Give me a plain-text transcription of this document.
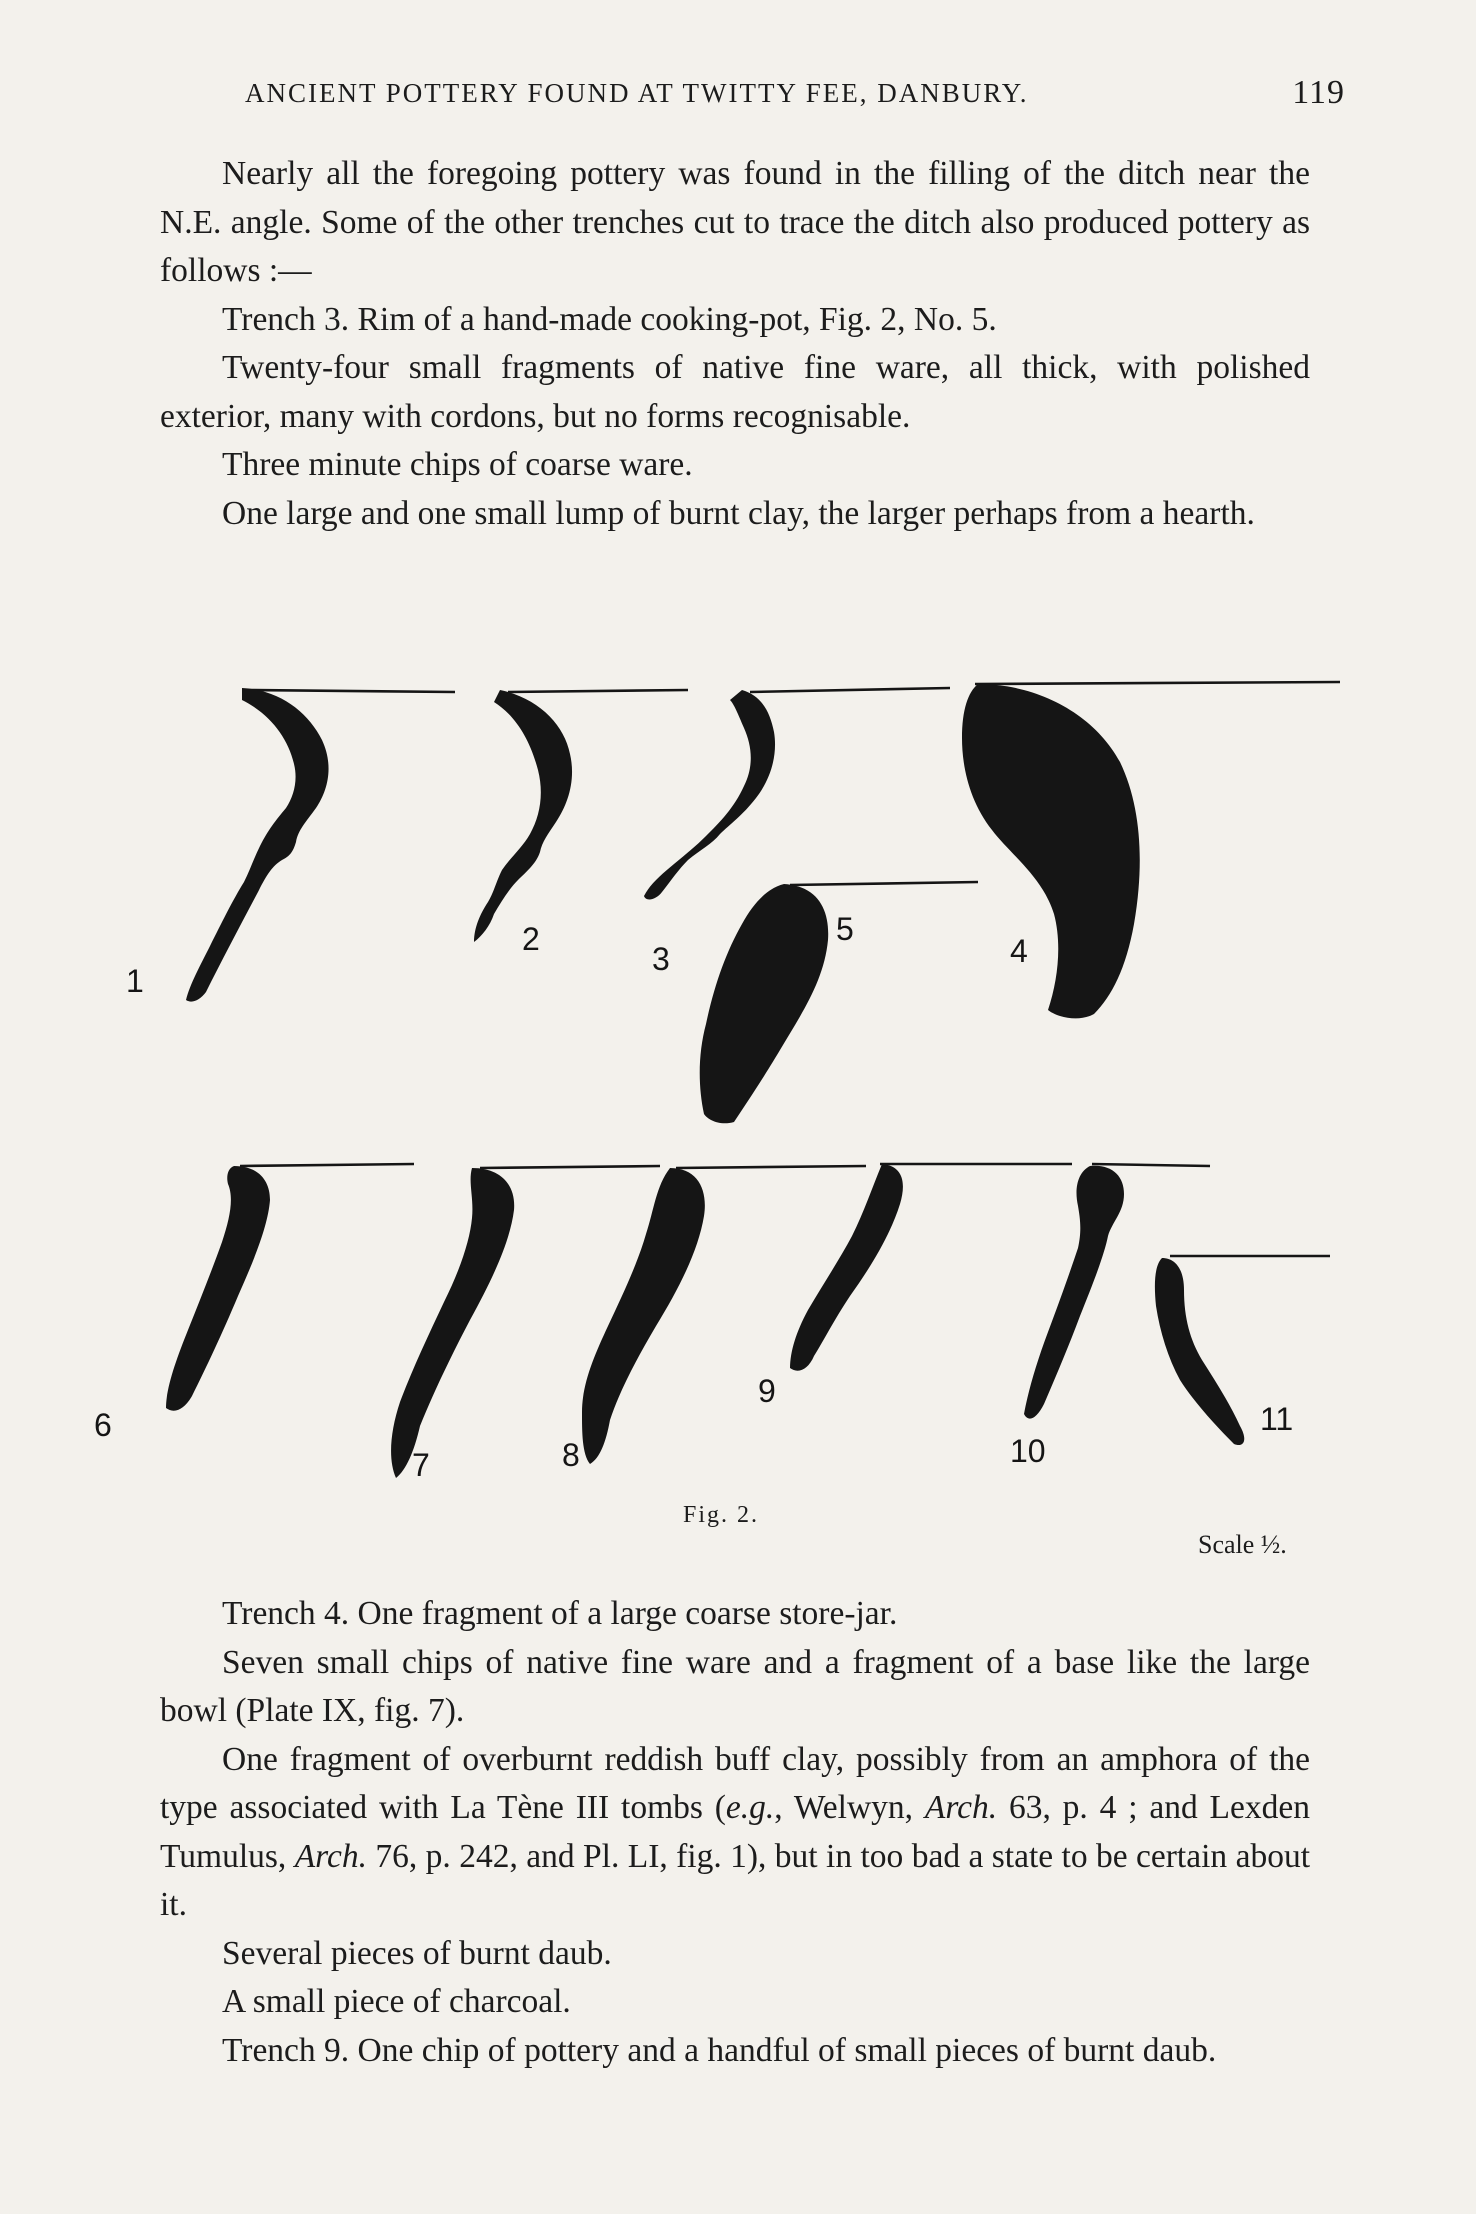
ANCIENT POTTERY FOUND AT TWITTY FEE, DANBURY.	119

Nearly all the foregoing pottery was found in the filling of the ditch near the N.E. angle. Some of the other trenches cut to trace the ditch also produced pottery as follows :—

Trench 3. Rim of a hand-made cooking-pot, Fig. 2, No. 5.

Twenty-four small fragments of native fine ware, all thick, with polished exterior, many with cordons, but no forms recognisable.

Three minute chips of coarse ware.

One large and one small lump of burnt clay, the larger perhaps from a hearth.

1
2
3
5
4
6
7	8
9
10
11
Fig. 2.
Scale ½.

Trench 4. One fragment of a large coarse store-jar.

Seven small chips of native fine ware and a fragment of a base like the large bowl (Plate IX, fig. 7).

One fragment of overburnt reddish buff clay, possibly from an amphora of the type associated with La Tène III tombs (e.g., Welwyn, Arch. 63, p. 4 ; and Lexden Tumulus, Arch. 76, p. 242, and Pl. LI, fig. 1), but in too bad a state to be certain about it.

Several pieces of burnt daub.

A small piece of charcoal.

Trench 9. One chip of pottery and a handful of small pieces of burnt daub.
